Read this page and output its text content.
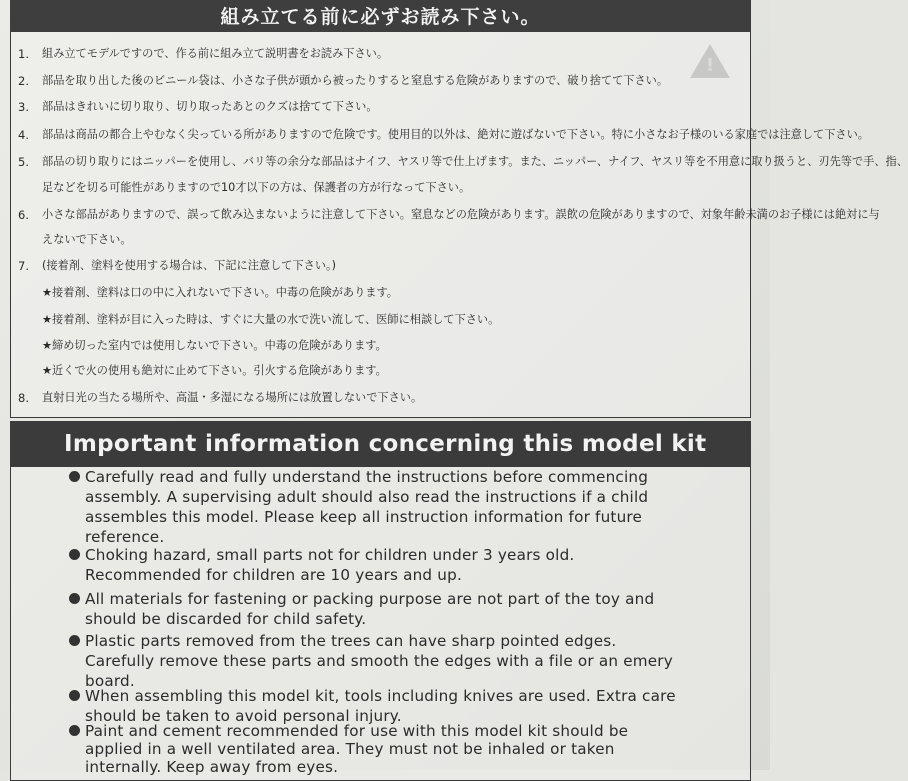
組み立てる前に必ずお読み下さい。
!
1.	組み立てモデルですので、作る前に組み立て説明書をお読み下さい。
2.	部品を取り出した後のビニール袋は、小さな子供が頭から被ったりすると窒息する危険がありますので、破り捨てて下さい。
3.	部品はきれいに切り取り、切り取ったあとのクズは捨てて下さい。
4.	部品は商品の都合上やむなく尖っている所がありますので危険です。使用目的以外は、絶対に遊ばないで下さい。特に小さなお子様のいる家庭では注意して下さい。
5.	部品の切り取りにはニッパーを使用し、バリ等の余分な部品はナイフ、ヤスリ等で仕上げます。また、ニッパー、ナイフ、ヤスリ等を不用意に取り扱うと、刃先等で手、指、
足などを切る可能性がありますので10才以下の方は、保護者の方が行なって下さい。
6.	小さな部品がありますので、誤って飲み込まないように注意して下さい。窒息などの危険があります。誤飲の危険がありますので、対象年齢未満のお子様には絶対に与
えないで下さい。
7.	(接着剤、塗料を使用する場合は、下記に注意して下さい。)
★接着剤、塗料は口の中に入れないで下さい。中毒の危険があります。
★接着剤、塗料が目に入った時は、すぐに大量の水で洗い流して、医師に相談して下さい。
★締め切った室内では使用しないで下さい。中毒の危険があります。
★近くで火の使用も絶対に止めて下さい。引火する危険があります。
8.	直射日光の当たる場所や、高温・多湿になる場所には放置しないで下さい。
Important information concerning this model kit
Carefully read and fully understand the instructions before commencing
assembly. A supervising adult should also read the instructions if a child
assembles this model. Please keep all instruction information for future
reference.
Choking hazard, small parts not for children under 3 years old.
Recommended for children are 10 years and up.
All materials for fastening or packing purpose are not part of the toy and
should be discarded for child safety.
Plastic parts removed from the trees can have sharp pointed edges.
Carefully remove these parts and smooth the edges with a file or an emery
board.
When assembling this model kit, tools including knives are used. Extra care
should be taken to avoid personal injury.
Paint and cement recommended for use with this model kit should be
applied in a well ventilated area. They must not be inhaled or taken
internally. Keep away from eyes.
